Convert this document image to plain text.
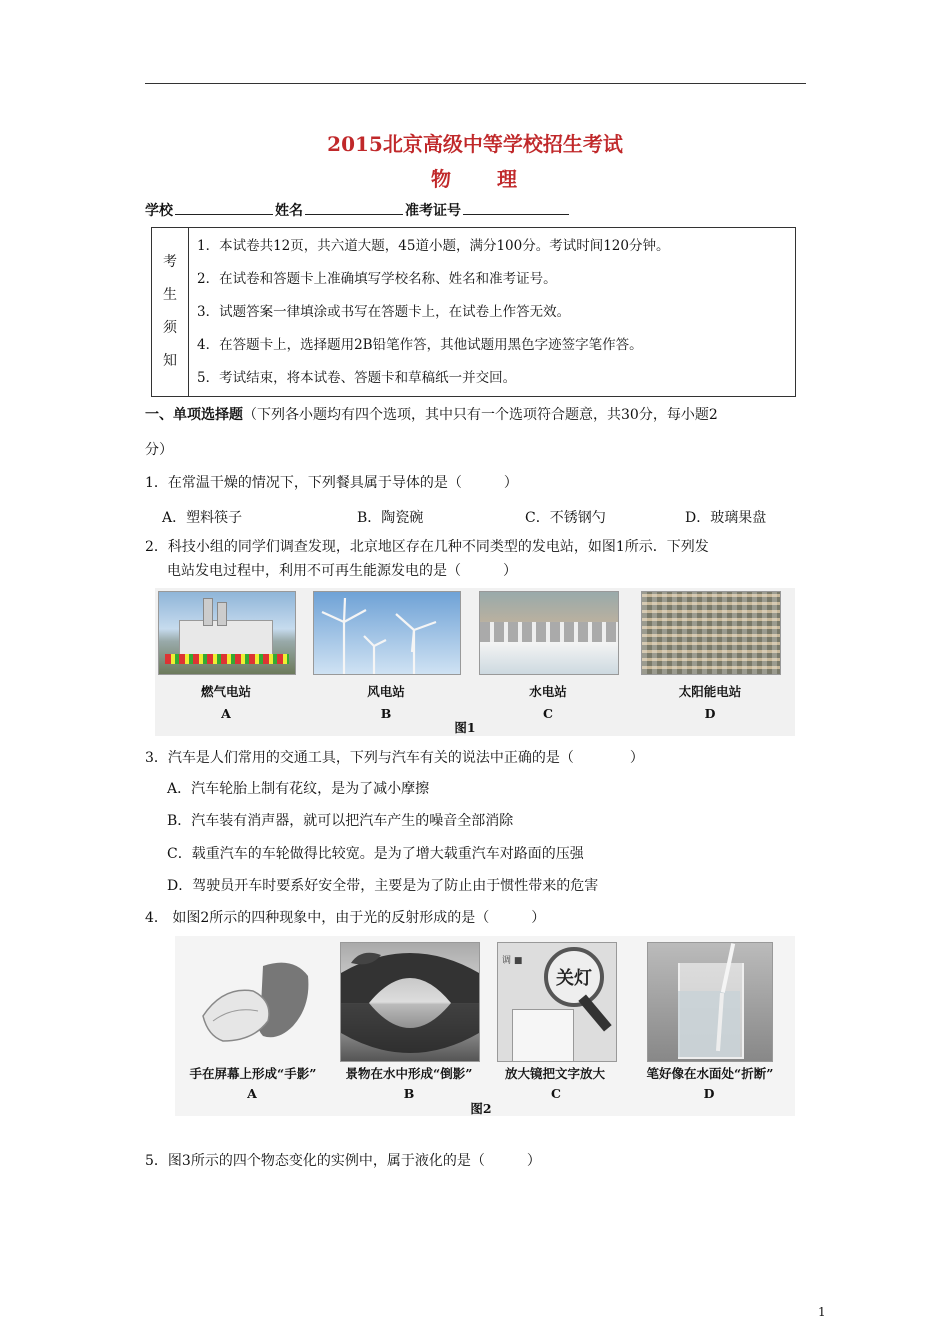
2015北京高级中等学校招生考试
物　　理
学校	姓名	准考证号
考
生
须
知
1．本试卷共12页，共六道大题，45道小题，满分100分。考试时间120分钟。
2．在试卷和答题卡上准确填写学校名称、姓名和准考证号。
3．试题答案一律填涂或书写在答题卡上，在试卷上作答无效。
4．在答题卡上，选择题用2B铅笔作答，其他试题用黑色字迹签字笔作答。
5．考试结束，将本试卷、答题卡和草稿纸一并交回。
一、单项选择题（下列各小题均有四个选项，其中只有一个选项符合题意，共30分，每小题2
分）
1．在常温干燥的情况下，下列餐具属于导体的是（　　　）
A．塑料筷子	B．陶瓷碗	C．不锈钢勺	D．玻璃果盘
2．科技小组的同学们调查发现，北京地区存在几种不同类型的发电站，如图1所示．下列发
电站发电过程中，利用不可再生能源发电的是（　　　）
燃气电站	风电站	水电站	太阳能电站
A	B	C	D
图1
3．汽车是人们常用的交通工具，下列与汽车有关的说法中正确的是（　　　　）
A．汽车轮胎上制有花纹，是为了减小摩擦
B．汽车装有消声器，就可以把汽车产生的噪音全部消除
C．载重汽车的车轮做得比较宽。是为了增大载重汽车对路面的压强
D．驾驶员开车时要系好安全带，主要是为了防止由于惯性带来的危害
4． 如图2所示的四种现象中，由于光的反射形成的是（　　　）
调 ■
关灯
手在屏幕上形成“手影”	景物在水中形成“倒影”	放大镜把文字放大	笔好像在水面处“折断”
A	B	C	D
图2
5．图3所示的四个物态变化的实例中，属于液化的是（　　　）
1
